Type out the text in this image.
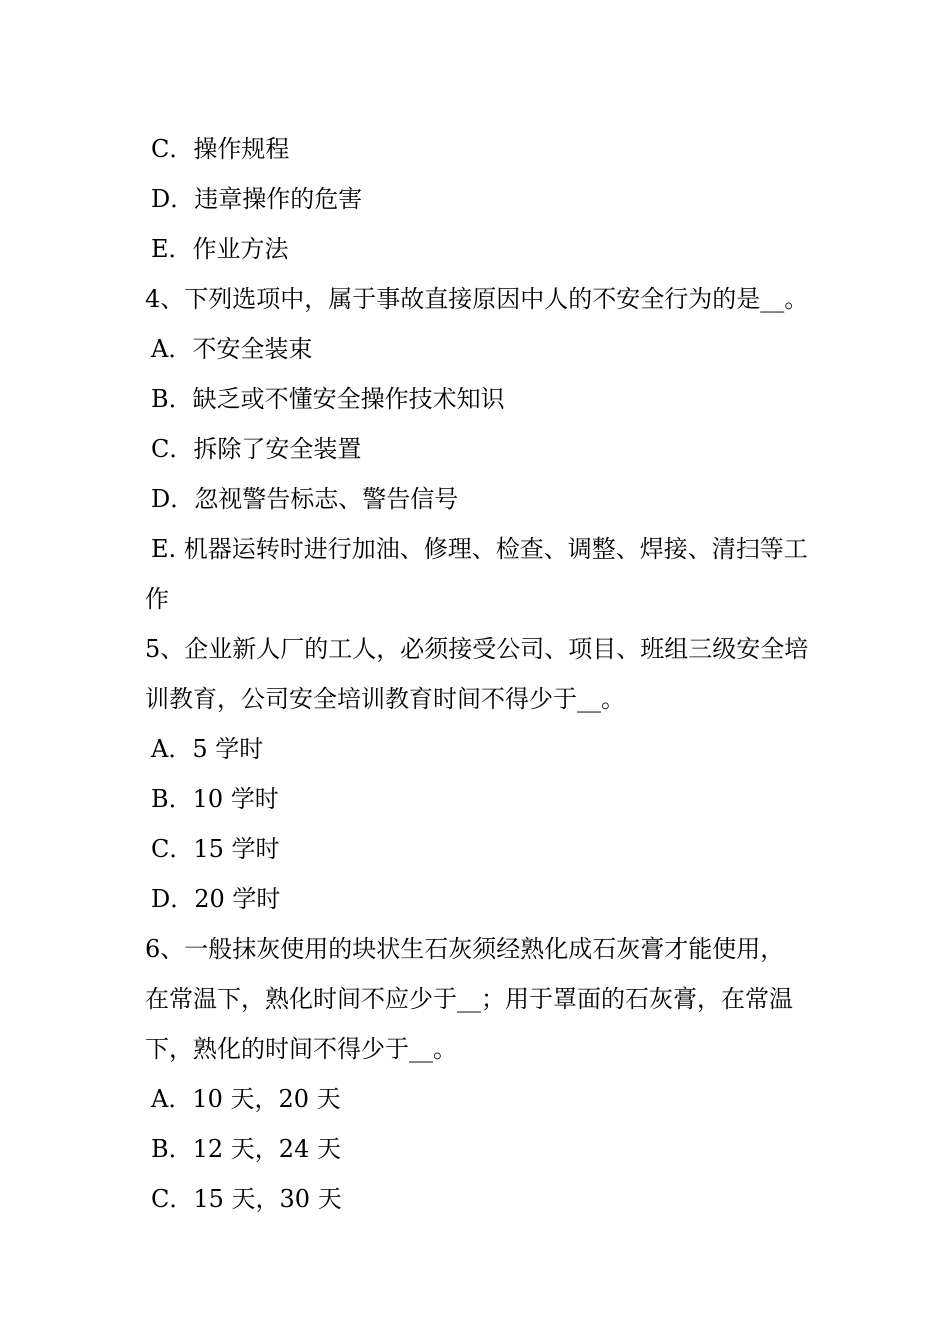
C．操作规程
D．违章操作的危害
E．作业方法
4、下列选项中，属于事故直接原因中人的不安全行为的是__。
A．不安全装束
B．缺乏或不懂安全操作技术知识
C．拆除了安全装置
D．忽视警告标志、警告信号
E. 机器运转时进行加油、修理、检查、调整、焊接、清扫等工
作
5、企业新人厂的工人，必须接受公司、项目、班组三级安全培
训教育，公司安全培训教育时间不得少于__。
A．5 学时
B．10 学时
C．15 学时
D．20 学时
6、一般抹灰使用的块状生石灰须经熟化成石灰膏才能使用，
在常温下，熟化时间不应少于__；用于罩面的石灰膏，在常温
下，熟化的时间不得少于__。
A．10 天，20 天
B．12 天，24 天
C．15 天，30 天
